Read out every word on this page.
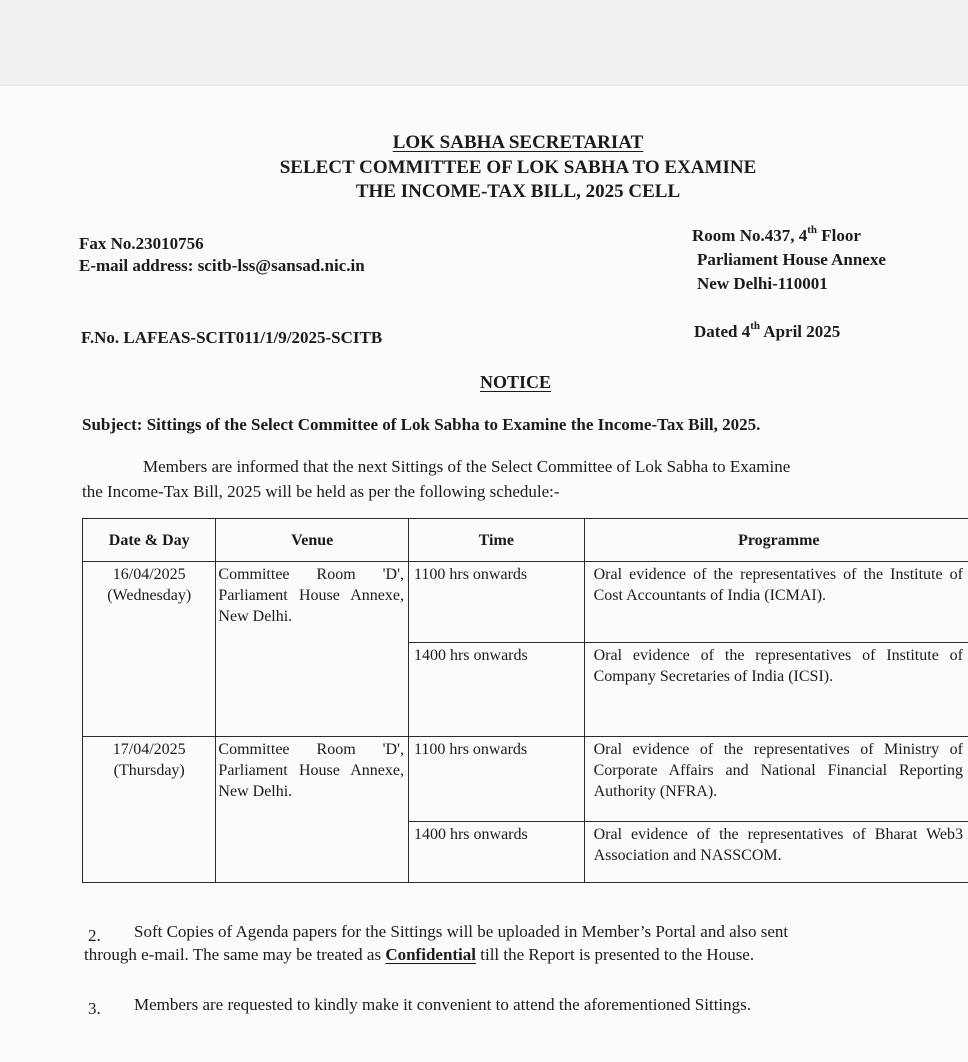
LOK SABHA SECRETARIAT
SELECT COMMITTEE OF LOK SABHA TO EXAMINE
THE INCOME-TAX BILL, 2025 CELL
Fax No.23010756
E-mail address: scitb-lss@sansad.nic.in
Room No.437, 4th Floor
Parliament House Annexe
New Delhi-110001
F.No. LAFEAS-SCIT011/1/9/2025-SCITB	Dated 4th April 2025
NOTICE
Subject: Sittings of the Select Committee of Lok Sabha to Examine the Income-Tax Bill, 2025.
Members are informed that the next Sittings of the Select Committee of Lok Sabha to Examine
the Income-Tax Bill, 2025 will be held as per the following schedule:-
Date & Day	Venue	Time	Programme

16/04/2025
(Wednesday)	Committee Room 'D', Parliament House Annexe, New Delhi.	1100 hrs onwards	Oral evidence of the representatives of the Institute of Cost Accountants of India (ICMAI).
		1400 hrs onwards	Oral evidence of the representatives of Institute of Company Secretaries of India (ICSI).

17/04/2025
(Thursday)	Committee Room 'D', Parliament House Annexe, New Delhi.	1100 hrs onwards	Oral evidence of the representatives of Ministry of Corporate Affairs and National Financial Reporting Authority (NFRA).
		1400 hrs onwards	Oral evidence of the representatives of Bharat Web3 Association and NASSCOM.
2. Soft Copies of Agenda papers for the Sittings will be uploaded in Member’s Portal and also sent
through e-mail. The same may be treated as Confidential till the Report is presented to the House.
3. Members are requested to kindly make it convenient to attend the aforementioned Sittings.
